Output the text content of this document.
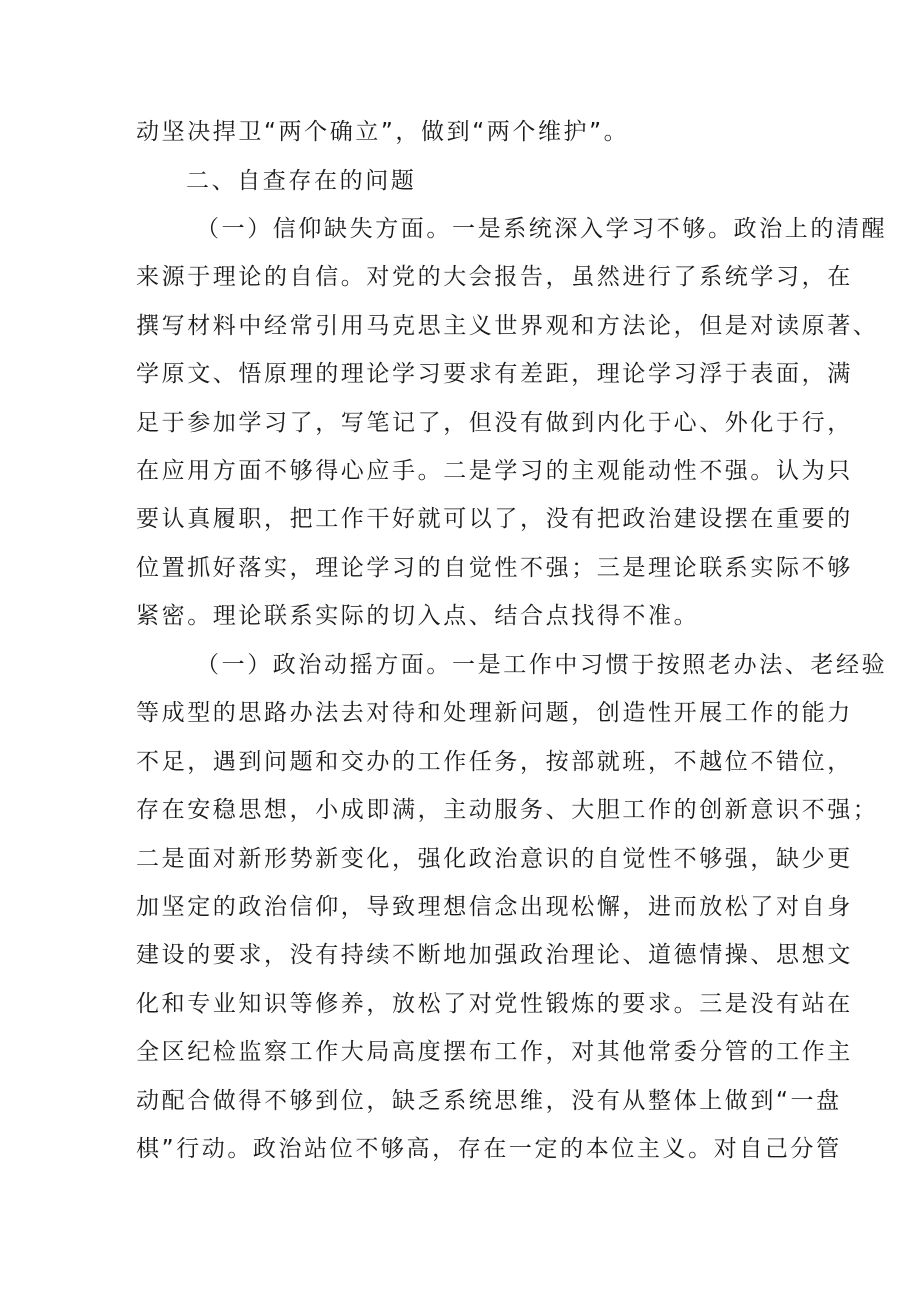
动坚决捍卫“两个确立”，做到“两个维护”。
二、自查存在的问题
（一）信仰缺失方面。一是系统深入学习不够。政治上的清醒
来源于理论的自信。对党的大会报告，虽然进行了系统学习，在
撰写材料中经常引用马克思主义世界观和方法论，但是对读原著、
学原文、悟原理的理论学习要求有差距，理论学习浮于表面，满
足于参加学习了，写笔记了，但没有做到内化于心、外化于行，
在应用方面不够得心应手。二是学习的主观能动性不强。认为只
要认真履职，把工作干好就可以了，没有把政治建设摆在重要的
位置抓好落实，理论学习的自觉性不强；三是理论联系实际不够
紧密。理论联系实际的切入点、结合点找得不准。
（一）政治动摇方面。一是工作中习惯于按照老办法、老经验
等成型的思路办法去对待和处理新问题，创造性开展工作的能力
不足，遇到问题和交办的工作任务，按部就班，不越位不错位，
存在安稳思想，小成即满，主动服务、大胆工作的创新意识不强；
二是面对新形势新变化，强化政治意识的自觉性不够强，缺少更
加坚定的政治信仰，导致理想信念出现松懈，进而放松了对自身
建设的要求，没有持续不断地加强政治理论、道德情操、思想文
化和专业知识等修养，放松了对党性锻炼的要求。三是没有站在
全区纪检监察工作大局高度摆布工作，对其他常委分管的工作主
动配合做得不够到位，缺乏系统思维，没有从整体上做到“一盘
棋”行动。政治站位不够高，存在一定的本位主义。对自己分管
